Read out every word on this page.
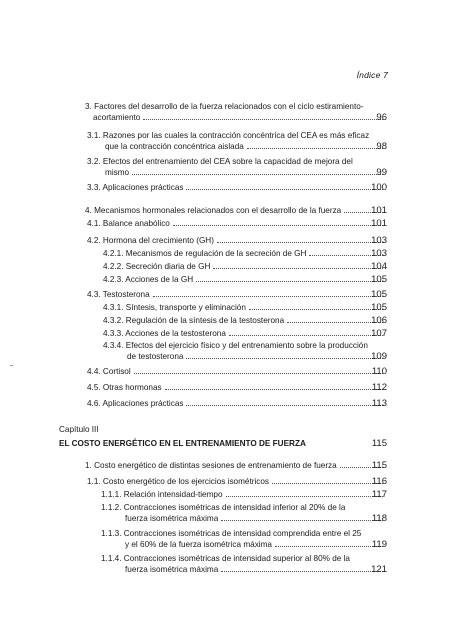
Índice 7
3. Factores del desarrollo de la fuerza relacionados con el ciclo estiramiento-
acortamiento	96
3.1. Razones por las cuales la contracción concéntrica del CEA es más eficaz
que la contracción concéntrica aislada	98
3.2. Efectos del entrenamiento del CEA sobre la capacidad de mejora del
mismo	99
3.3. Aplicaciones prácticas	100
4. Mecanismos hormonales relacionados con el desarrollo de la fuerza	101
4.1. Balance anabólico	101
4.2. Hormona del crecimiento (GH)	103
4.2.1. Mecanismos de regulación de la secreción de GH	103
4.2.2. Secreción diaria de GH	104
4.2.3. Acciones de la GH	105
4.3. Testosterona	105
4.3.1. Síntesis, transporte y eliminación	105
4.3.2. Regulación de la síntesis de la testosterona	106
4.3.3. Acciones de la testosterona	107
4.3.4. Efectos del ejercicio físico y del entrenamiento sobre la producción
de testosterona	109
4.4. Cortisol	110
4.5. Otras hormonas	112
4.6. Aplicaciones prácticas	113
Capítulo III
EL COSTO ENERGÉTICO EN EL ENTRENAMIENTO DE FUERZA	115
1. Costo energético de distintas sesiones de entrenamiento de fuerza	115
1.1. Costo energético de los ejercicios isométricos	116
1.1.1. Relación intensidad-tiempo	117
1.1.2. Contracciones isométricas de intensidad inferior al 20% de la
fuerza isométrica máxima	118
1.1.3. Contracciones isométricas de intensidad comprendida entre el 25
y el 60% de la fuerza isométrica máxima	119
1.1.4. Contracciones isométricas de intensidad superior al 80% de la
fuerza isométrica máxima	121
